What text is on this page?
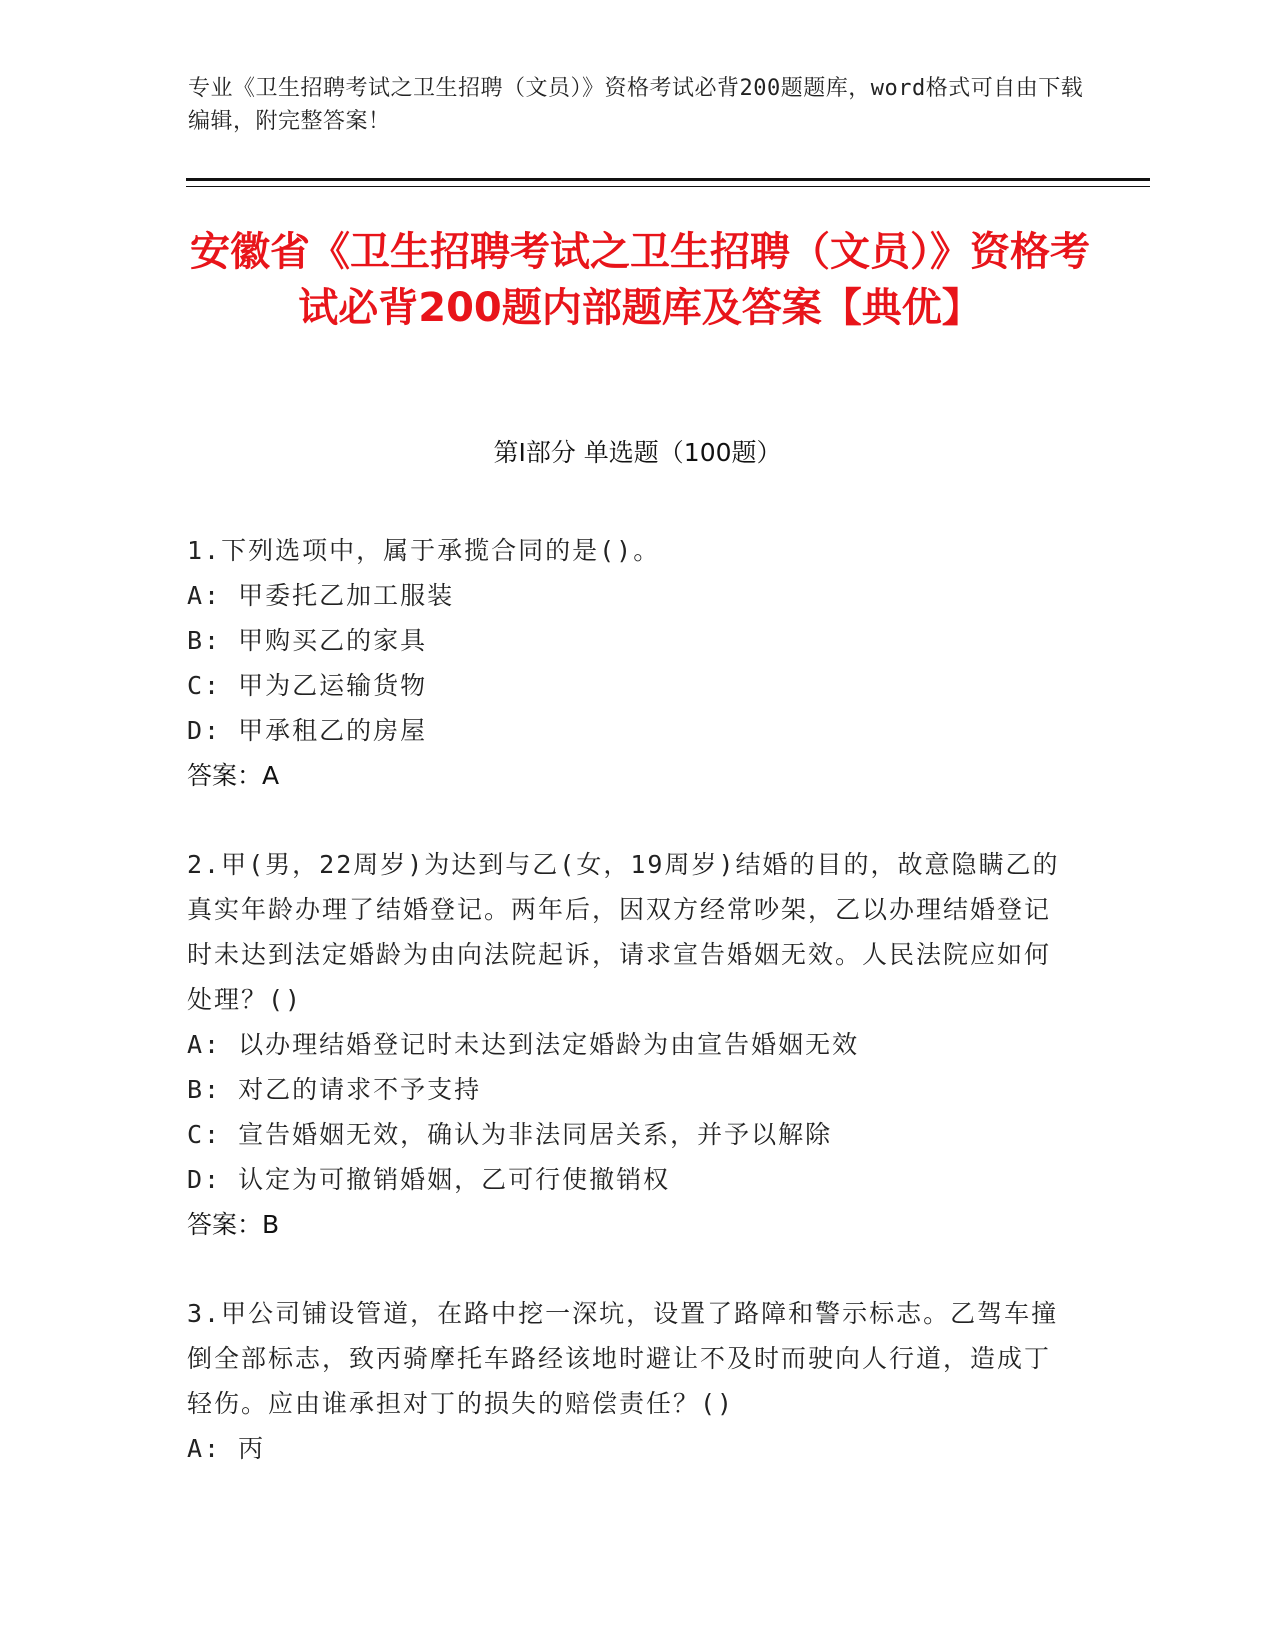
专业《卫生招聘考试之卫生招聘（文员）》资格考试必背200题题库，word格式可自由下载编辑，附完整答案！
安徽省《卫生招聘考试之卫生招聘（文员）》资格考试必背200题内部题库及答案【典优】
第Ⅰ部分 单选题（100题）
1.下列选项中，属于承揽合同的是()。
A: 甲委托乙加工服装
B: 甲购买乙的家具
C: 甲为乙运输货物
D: 甲承租乙的房屋
答案：A
2.甲(男，22周岁)为达到与乙(女，19周岁)结婚的目的，故意隐瞒乙的真实年龄办理了结婚登记。两年后，因双方经常吵架，乙以办理结婚登记时未达到法定婚龄为由向法院起诉，请求宣告婚姻无效。人民法院应如何处理？()
A: 以办理结婚登记时未达到法定婚龄为由宣告婚姻无效
B: 对乙的请求不予支持
C: 宣告婚姻无效，确认为非法同居关系，并予以解除
D: 认定为可撤销婚姻，乙可行使撤销权
答案：B
3.甲公司铺设管道，在路中挖一深坑，设置了路障和警示标志。乙驾车撞倒全部标志，致丙骑摩托车路经该地时避让不及时而驶向人行道，造成丁轻伤。应由谁承担对丁的损失的赔偿责任？()
A: 丙
